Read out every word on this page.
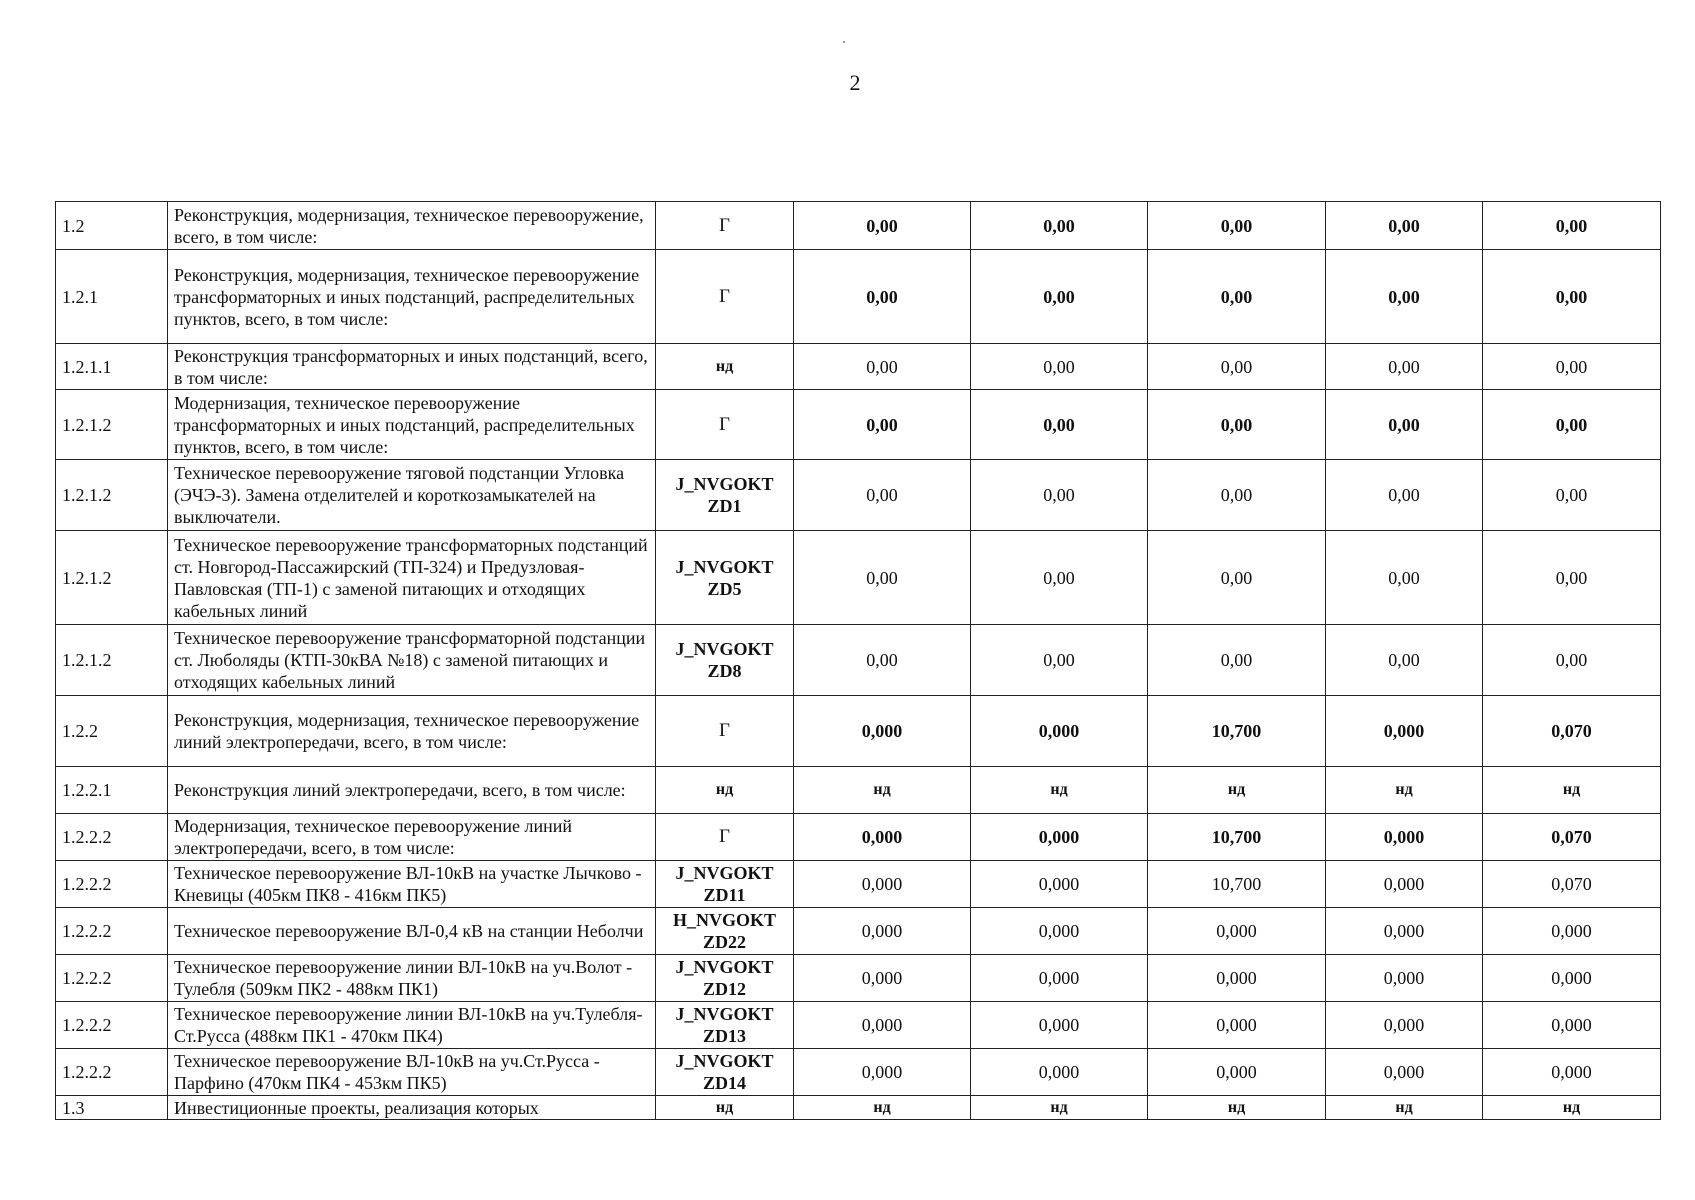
2
1.2	Реконструкция, модернизация, техническое перевооружение, всего, в том числе:	Г	0,00	0,00	0,00	0,00	0,00
1.2.1	Реконструкция, модернизация, техническое перевооружение трансформаторных и иных подстанций, распределительных пунктов, всего, в том числе:	Г	0,00	0,00	0,00	0,00	0,00
1.2.1.1	Реконструкция трансформаторных и иных подстанций, всего, в том числе:	нд	0,00	0,00	0,00	0,00	0,00
1.2.1.2	Модернизация, техническое перевооружение трансформаторных и иных подстанций, распределительных пунктов, всего, в том числе:	Г	0,00	0,00	0,00	0,00	0,00
1.2.1.2	Техническое перевооружение тяговой подстанции Угловка (ЭЧЭ-3). Замена отделителей и короткозамыкателей на выключатели.	J_NVGOKT ZD1	0,00	0,00	0,00	0,00	0,00
1.2.1.2	Техническое перевооружение трансформаторных подстанций ст. Новгород-Пассажирский (ТП-324) и Предузловая-Павловская (ТП-1) с заменой питающих и отходящих кабельных линий	J_NVGOKT ZD5	0,00	0,00	0,00	0,00	0,00
1.2.1.2	Техническое перевооружение трансформаторной подстанции ст. Люболяды (КТП-30кВА №18) с заменой питающих и отходящих кабельных линий	J_NVGOKT ZD8	0,00	0,00	0,00	0,00	0,00
1.2.2	Реконструкция, модернизация, техническое перевооружение линий электропередачи, всего, в том числе:	Г	0,000	0,000	10,700	0,000	0,070
1.2.2.1	Реконструкция линий электропередачи, всего, в том числе:	нд	нд	нд	нд	нд	нд
1.2.2.2	Модернизация, техническое перевооружение линий электропередачи, всего, в том числе:	Г	0,000	0,000	10,700	0,000	0,070
1.2.2.2	Техническое перевооружение ВЛ-10кВ на участке Лычково - Кневицы (405км ПК8 - 416км ПК5)	J_NVGOKT ZD11	0,000	0,000	10,700	0,000	0,070
1.2.2.2	Техническое перевооружение ВЛ-0,4 кВ на станции Неболчи	H_NVGOKT ZD22	0,000	0,000	0,000	0,000	0,000
1.2.2.2	Техническое перевооружение линии ВЛ-10кВ на уч.Волот - Тулебля (509км ПК2 - 488км ПК1)	J_NVGOKT ZD12	0,000	0,000	0,000	0,000	0,000
1.2.2.2	Техническое перевооружение линии ВЛ-10кВ на уч.Тулебля- Ст.Русса (488км ПК1 - 470км ПК4)	J_NVGOKT ZD13	0,000	0,000	0,000	0,000	0,000
1.2.2.2	Техническое перевооружение ВЛ-10кВ на уч.Ст.Русса - Парфино (470км ПК4 - 453км ПК5)	J_NVGOKT ZD14	0,000	0,000	0,000	0,000	0,000
1.3	Инвестиционные проекты, реализация которых	нд	нд	нд	нд	нд	нд
